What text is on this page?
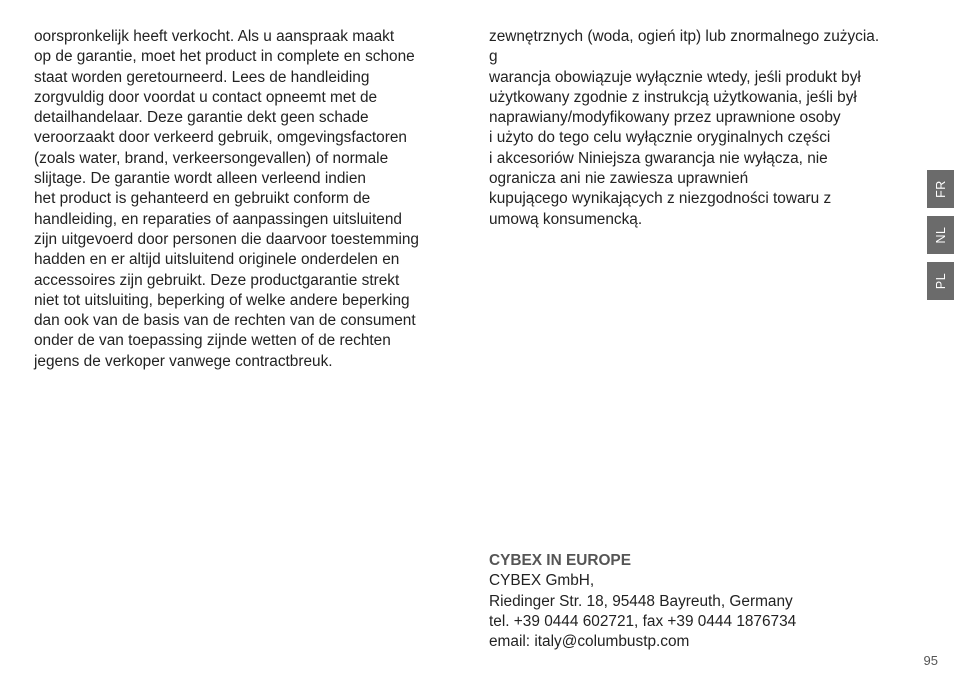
oorspronkelijk heeft verkocht. Als u aanspraak maakt
op de garantie, moet het product in complete en schone
staat worden geretourneerd. Lees de handleiding
zorgvuldig door voordat u contact opneemt met de
detailhandelaar. Deze garantie dekt geen schade
veroorzaakt door verkeerd gebruik, omgevingsfactoren
(zoals water, brand, verkeersongevallen) of normale
slijtage. De garantie wordt alleen verleend indien
het product is gehanteerd en gebruikt conform de
handleiding, en reparaties of aanpassingen uitsluitend
zijn uitgevoerd door personen die daarvoor toestemming
hadden en er altijd uitsluitend originele onderdelen en
accessoires zijn gebruikt. Deze productgarantie strekt
niet tot uitsluiting, beperking of welke andere beperking
dan ook van de basis van de rechten van de consument
onder de van toepassing zijnde wetten of de rechten
jegens de verkoper vanwege contractbreuk.
zewnętrznych (woda, ogień itp) lub znormalnego zużycia.
g
warancja obowiązuje wyłącznie wtedy, jeśli produkt był
użytkowany zgodnie z instrukcją użytkowania, jeśli był
naprawiany/modyfikowany przez uprawnione osoby
i użyto do tego celu wyłącznie oryginalnych części
i akcesoriów Niniejsza gwarancja nie wyłącza, nie
ogranicza ani nie zawiesza uprawnień
kupującego wynikających z niezgodności towaru z
umową konsumencką.
CYBEX IN EUROPE
CYBEX GmbH,
Riedinger Str. 18, 95448 Bayreuth, Germany
tel. +39 0444 602721, fax +39 0444 1876734
email: italy@columbustp.com
FR
NL
PL
95
